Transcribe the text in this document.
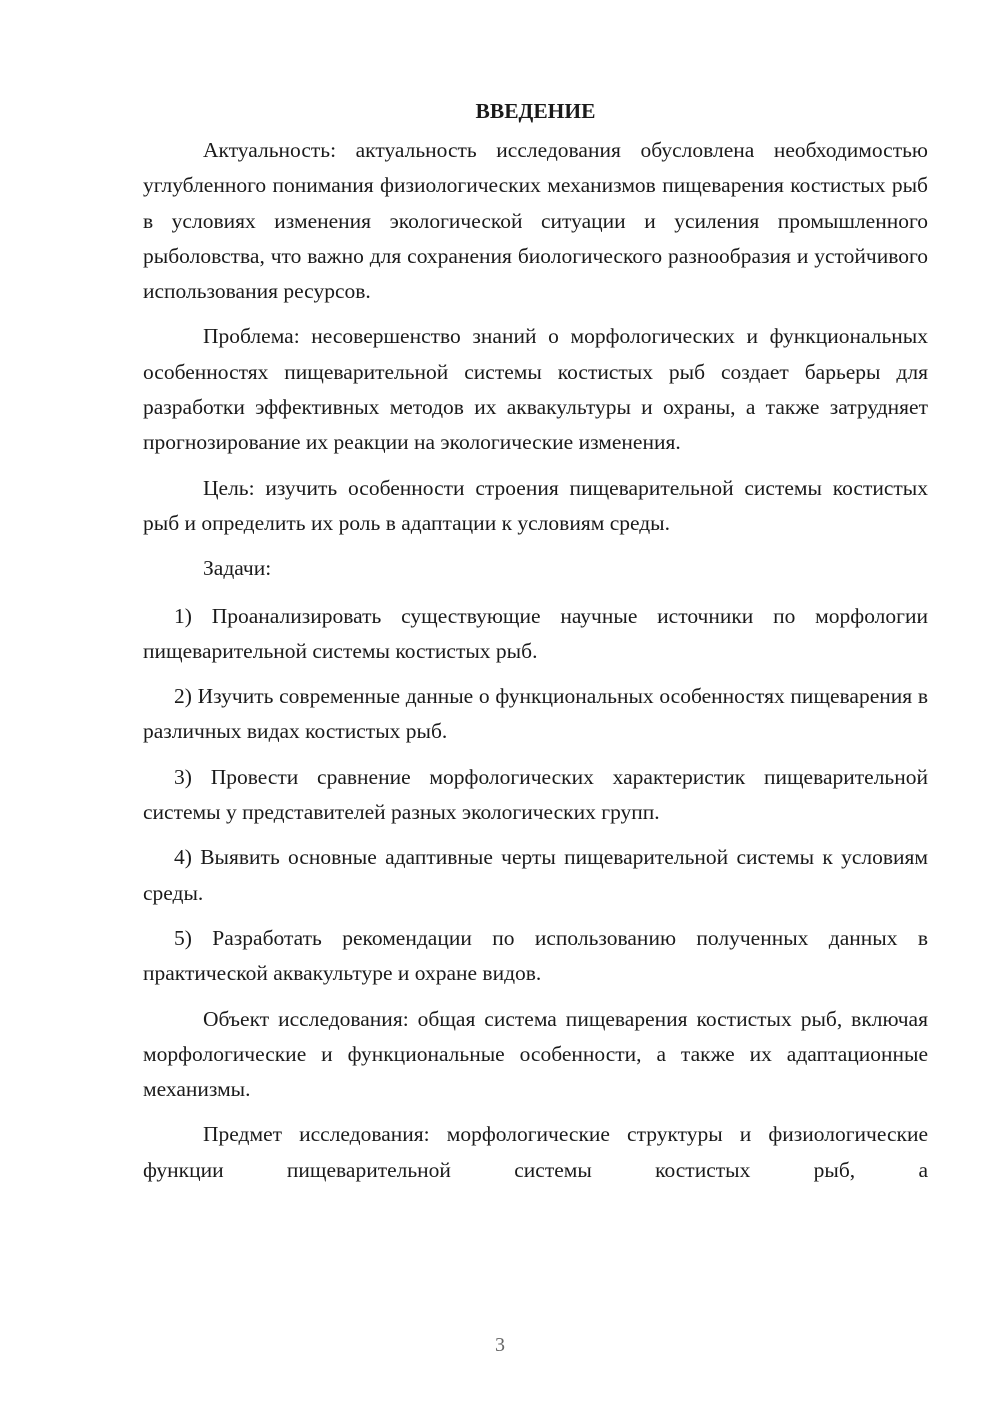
ВВЕДЕНИЕ

Актуальность: актуальность исследования обусловлена необходимостью углубленного понимания физиологических механизмов пищеварения костистых рыб в условиях изменения экологической ситуации и усиления промышленного рыболовства, что важно для сохранения биологического разнообразия и устойчивого использования ресурсов.

Проблема: несовершенство знаний о морфологических и функциональных особенностях пищеварительной системы костистых рыб создает барьеры для разработки эффективных методов их аквакультуры и охраны, а также затрудняет прогнозирование их реакции на экологические изменения.

Цель: изучить особенности строения пищеварительной системы костистых рыб и определить их роль в адаптации к условиям среды.

Задачи:

1) Проанализировать существующие научные источники по морфологии пищеварительной системы костистых рыб.

2) Изучить современные данные о функциональных особенностях пищеварения в различных видах костистых рыб.

3) Провести сравнение морфологических характеристик пищеварительной системы у представителей разных экологических групп.

4) Выявить основные адаптивные черты пищеварительной системы к условиям среды.

5) Разработать рекомендации по использованию полученных данных в практической аквакультуре и охране видов.

Объект исследования: общая система пищеварения костистых рыб, включая морфологические и функциональные особенности, а также их адаптационные механизмы.

Предмет исследования: морфологические структуры и физиологические функции пищеварительной системы костистых рыб, а

3
